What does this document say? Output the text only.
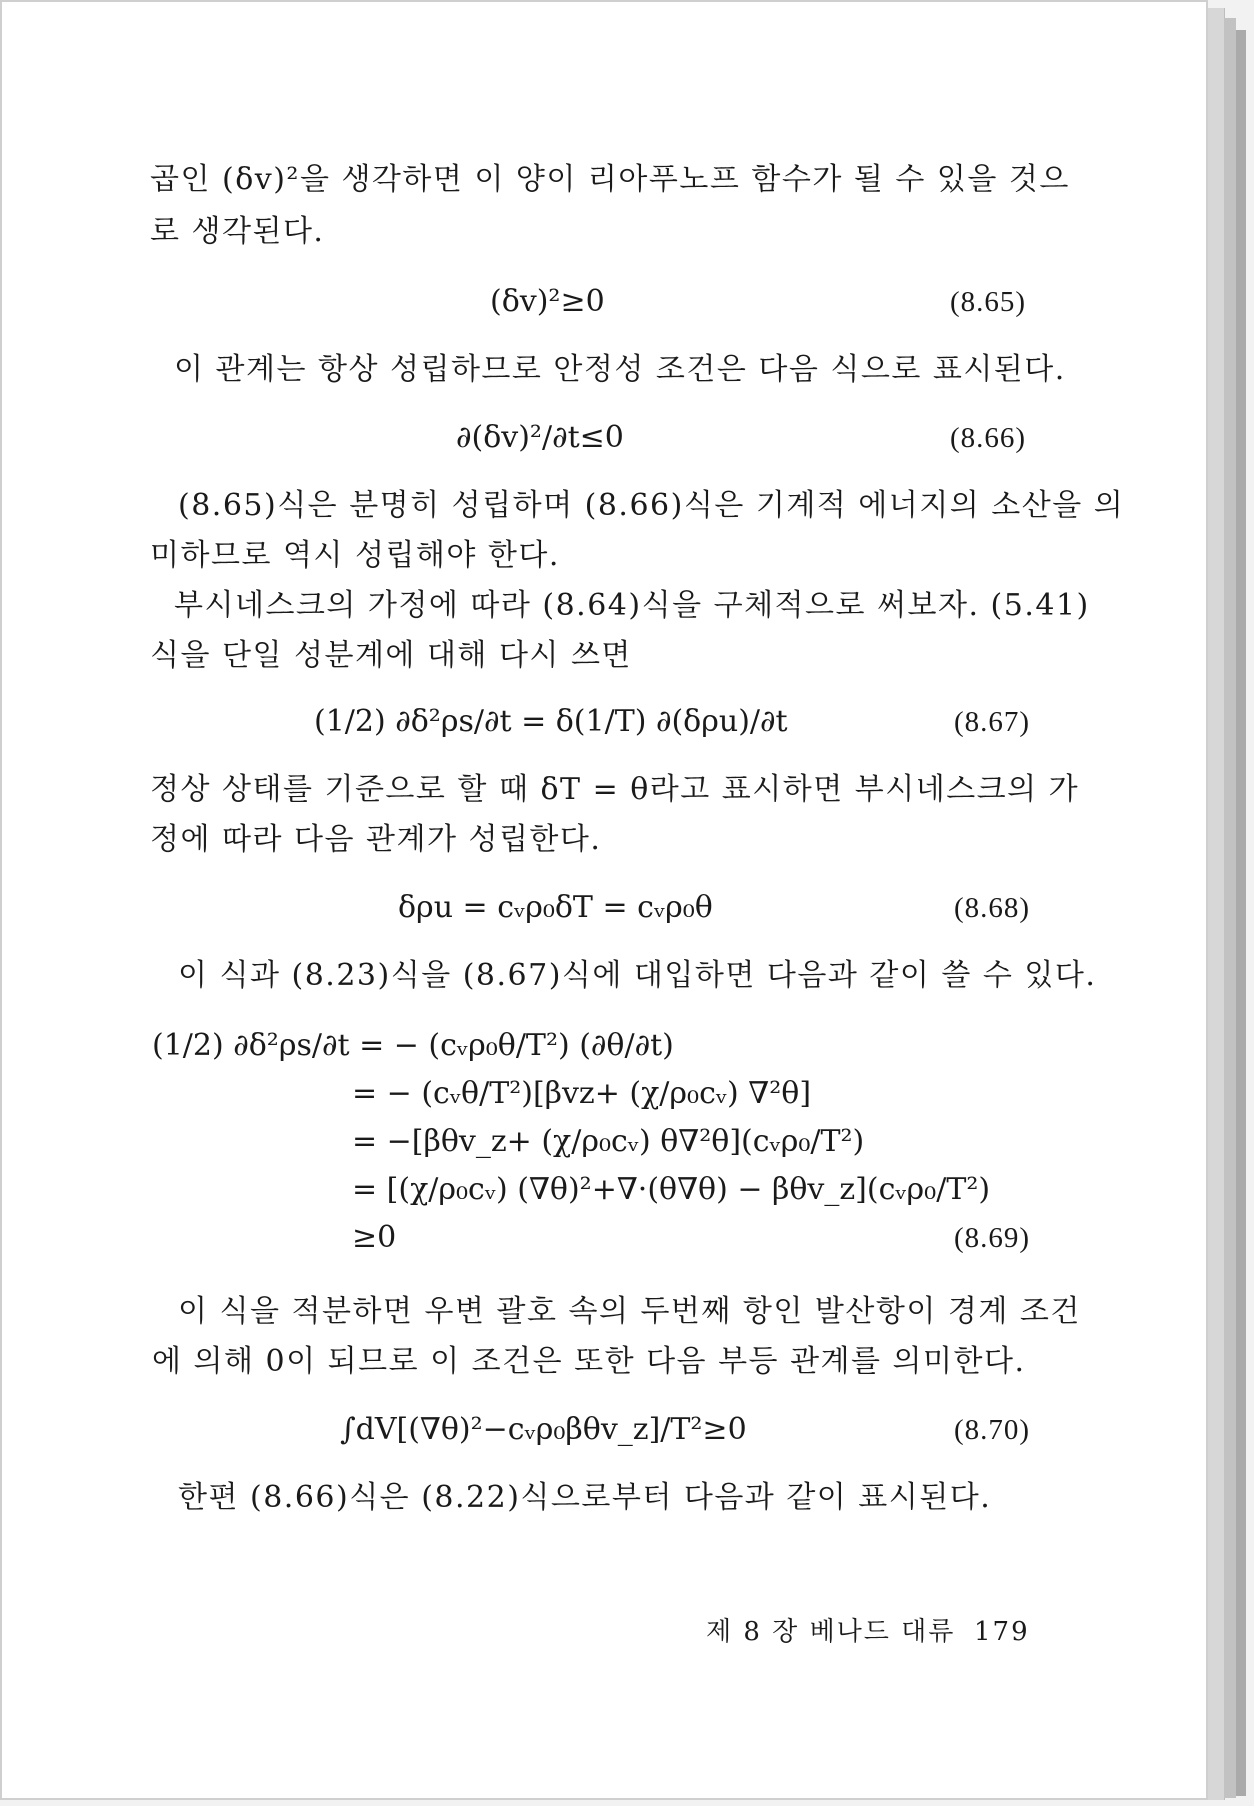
곱인 (δv)²을 생각하면 이 양이 리아푸노프 함수가 될 수 있을 것으
로 생각된다.
(δv)²≥0	(8.65)
이 관계는 항상 성립하므로 안정성 조건은 다음 식으로 표시된다.
∂(δv)²/∂t≤0	(8.66)
(8.65)식은 분명히 성립하며 (8.66)식은 기계적 에너지의 소산을 의
미하므로 역시 성립해야 한다.
부시네스크의 가정에 따라 (8.64)식을 구체적으로 써보자. (5.41)
식을 단일 성분계에 대해 다시 쓰면
(1/2) ∂δ²ρs/∂t = δ(1/T) ∂(δρu)/∂t	(8.67)
정상 상태를 기준으로 할 때 δT = θ라고 표시하면 부시네스크의 가
정에 따라 다음 관계가 성립한다.
δρu = cᵥρ₀δT = cᵥρ₀θ	(8.68)
이 식과 (8.23)식을 (8.67)식에 대입하면 다음과 같이 쓸 수 있다.
(1/2) ∂δ²ρs/∂t = − (cᵥρ₀θ/T²) (∂θ/∂t)
= − (cᵥθ/T²)[βvz+ (χ/ρ₀cᵥ) ∇²θ]
= −[βθv_z+ (χ/ρ₀cᵥ) θ∇²θ](cᵥρ₀/T²)
= [(χ/ρ₀cᵥ) (∇θ)²+∇·(θ∇θ) − βθv_z](cᵥρ₀/T²)
≥0	(8.69)
이 식을 적분하면 우변 괄호 속의 두번째 항인 발산항이 경계 조건
에 의해 0이 되므로 이 조건은 또한 다음 부등 관계를 의미한다.
∫dV[(∇θ)²−cᵥρ₀βθv_z]/T²≥0	(8.70)
한편 (8.66)식은 (8.22)식으로부터 다음과 같이 표시된다.
제 8 장 베나드 대류 179
